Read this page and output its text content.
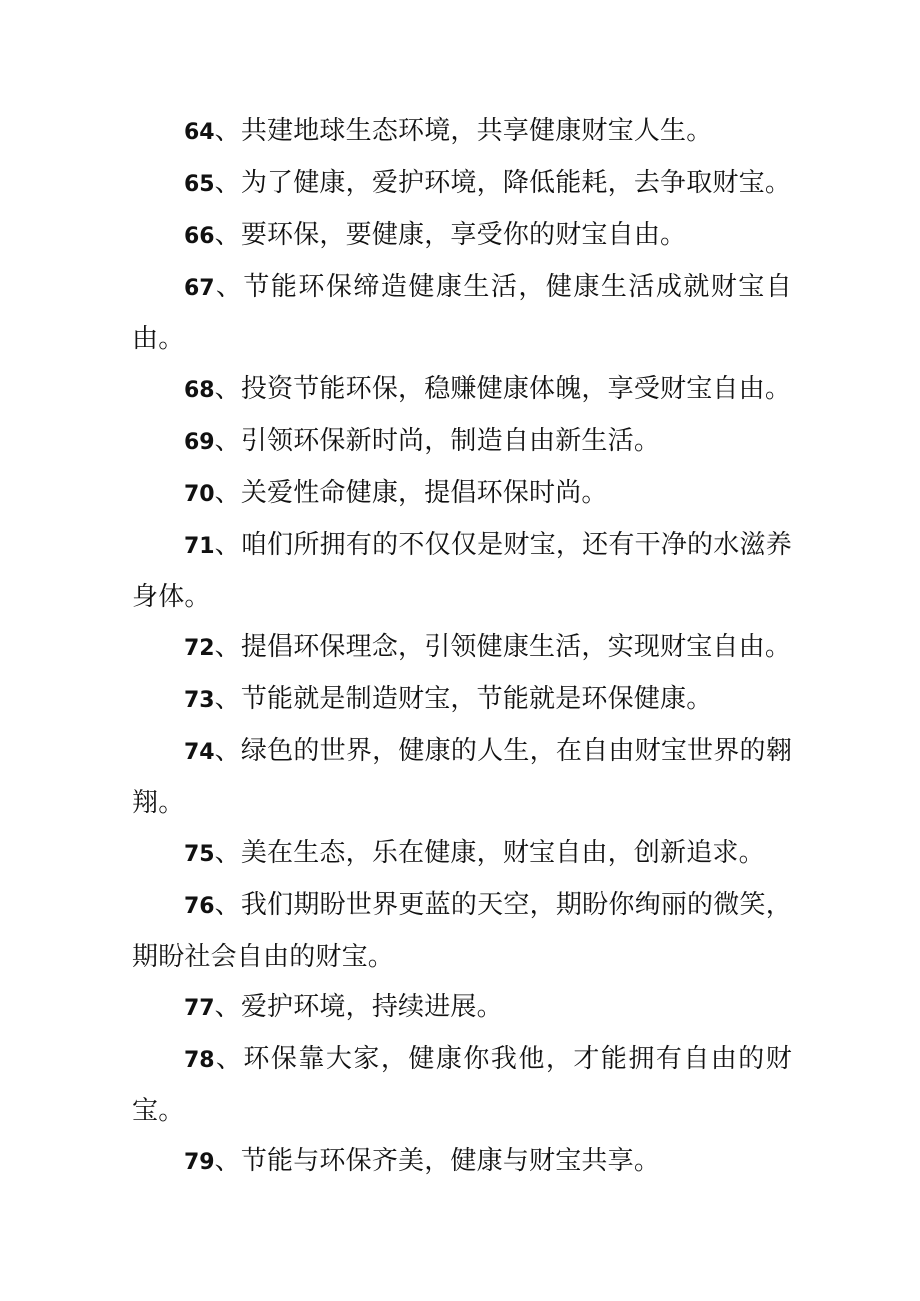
64、共建地球生态环境，共享健康财宝人生。

65、为了健康，爱护环境，降低能耗，去争取财宝。

66、要环保，要健康，享受你的财宝自由。

67、节能环保缔造健康生活，健康生活成就财宝自由。

68、投资节能环保，稳赚健康体魄，享受财宝自由。

69、引领环保新时尚，制造自由新生活。

70、关爱性命健康，提倡环保时尚。

71、咱们所拥有的不仅仅是财宝，还有干净的水滋养身体。

72、提倡环保理念，引领健康生活，实现财宝自由。

73、节能就是制造财宝，节能就是环保健康。

74、绿色的世界，健康的人生，在自由财宝世界的翱翔。

75、美在生态，乐在健康，财宝自由，创新追求。

76、我们期盼世界更蓝的天空，期盼你绚丽的微笑，期盼社会自由的财宝。

77、爱护环境，持续进展。

78、环保靠大家，健康你我他，才能拥有自由的财宝。

79、节能与环保齐美，健康与财宝共享。
